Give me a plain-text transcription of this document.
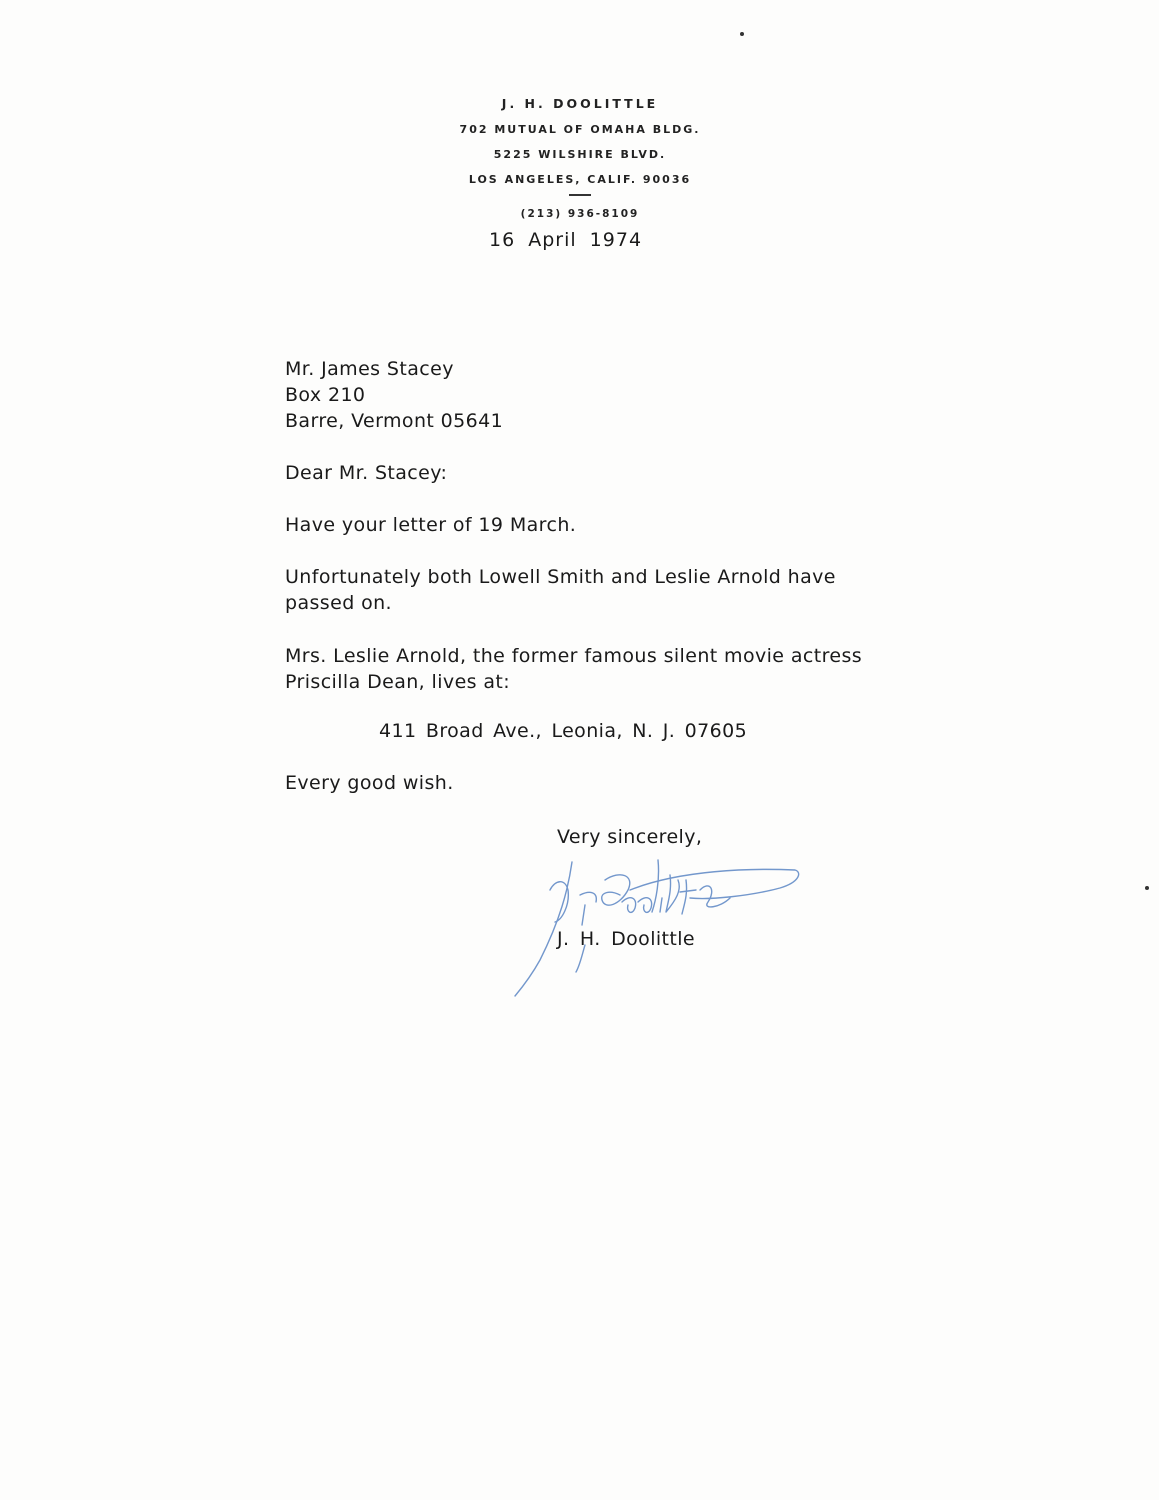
J. H. DOOLITTLE
702 MUTUAL OF OMAHA BLDG.
5225 WILSHIRE BLVD.
LOS ANGELES, CALIF. 90036
(213) 936-8109
16 April 1974
Mr. James Stacey
Box 210
Barre, Vermont 05641
Dear Mr. Stacey:
Have your letter of 19 March.
Unfortunately both Lowell Smith and Leslie Arnold have
passed on.
Mrs. Leslie Arnold, the former famous silent movie actress
Priscilla Dean, lives at:
411 Broad Ave., Leonia, N. J. 07605
Every good wish.
Very sincerely,
J. H. Doolittle
